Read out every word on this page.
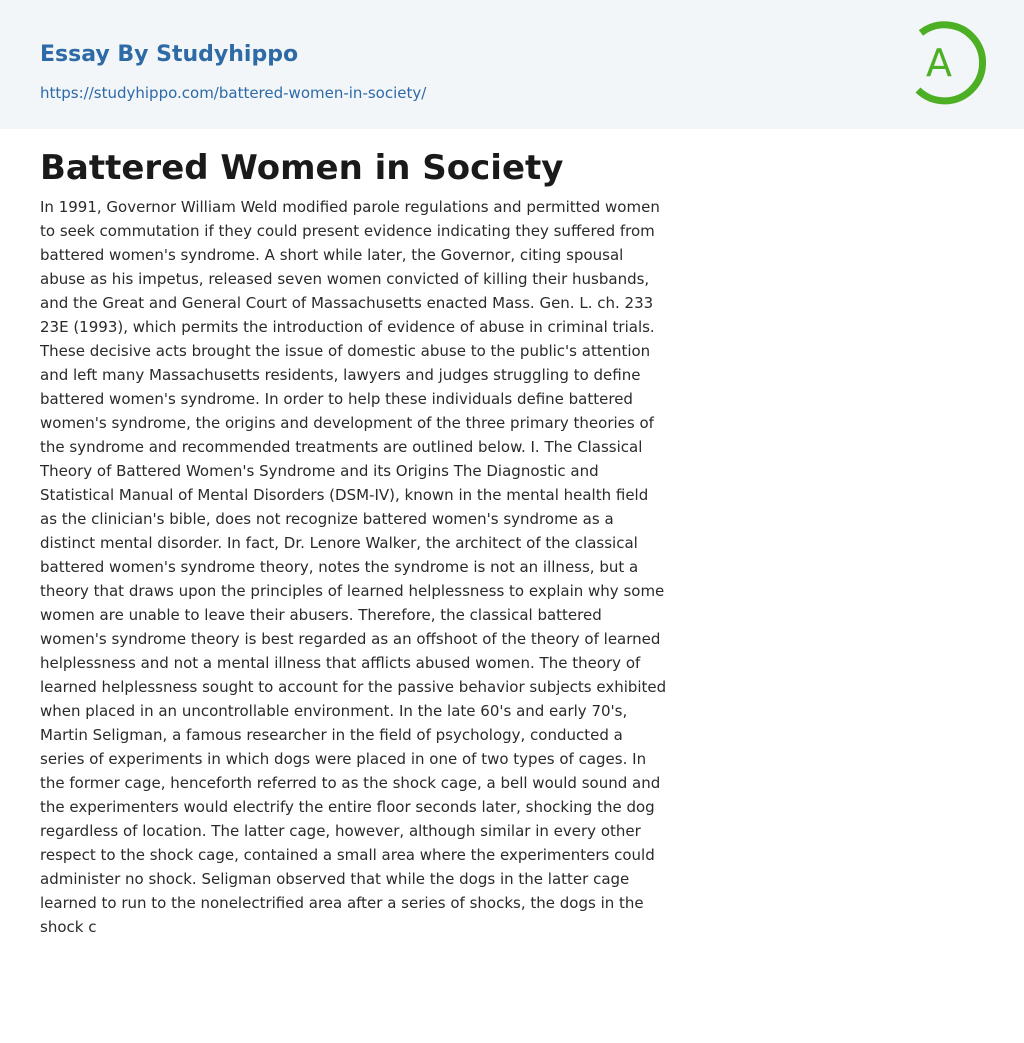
Essay By Studyhippo
https://studyhippo.com/battered-women-in-society/
A
Battered Women in Society

In 1991, Governor William Weld modified parole regulations and permitted women to seek commutation if they could present evidence indicating they suffered from battered women's syndrome. A short while later, the Governor, citing spousal abuse as his impetus, released seven women convicted of killing their husbands, and the Great and General Court of Massachusetts enacted Mass. Gen. L. ch. 233 23E (1993), which permits the introduction of evidence of abuse in criminal trials. These decisive acts brought the issue of domestic abuse to the public's attention and left many Massachusetts residents, lawyers and judges struggling to define battered women's syndrome. In order to help these individuals define battered women's syndrome, the origins and development of the three primary theories of the syndrome and recommended treatments are outlined below. I. The Classical Theory of Battered Women's Syndrome and its Origins The Diagnostic and Statistical Manual of Mental Disorders (DSM-IV), known in the mental health field as the clinician's bible, does not recognize battered women's syndrome as a distinct mental disorder. In fact, Dr. Lenore Walker, the architect of the classical battered women's syndrome theory, notes the syndrome is not an illness, but a theory that draws upon the principles of learned helplessness to explain why some women are unable to leave their abusers. Therefore, the classical battered women's syndrome theory is best regarded as an offshoot of the theory of learned helplessness and not a mental illness that afflicts abused women. The theory of learned helplessness sought to account for the passive behavior subjects exhibited when placed in an uncontrollable environment. In the late 60's and early 70's, Martin Seligman, a famous researcher in the field of psychology, conducted a series of experiments in which dogs were placed in one of two types of cages. In the former cage, henceforth referred to as the shock cage, a bell would sound and the experimenters would electrify the entire floor seconds later, shocking the dog regardless of location. The latter cage, however, although similar in every other respect to the shock cage, contained a small area where the experimenters could administer no shock. Seligman observed that while the dogs in the latter cage learned to run to the nonelectrified area after a series of shocks, the dogs in the shock c
